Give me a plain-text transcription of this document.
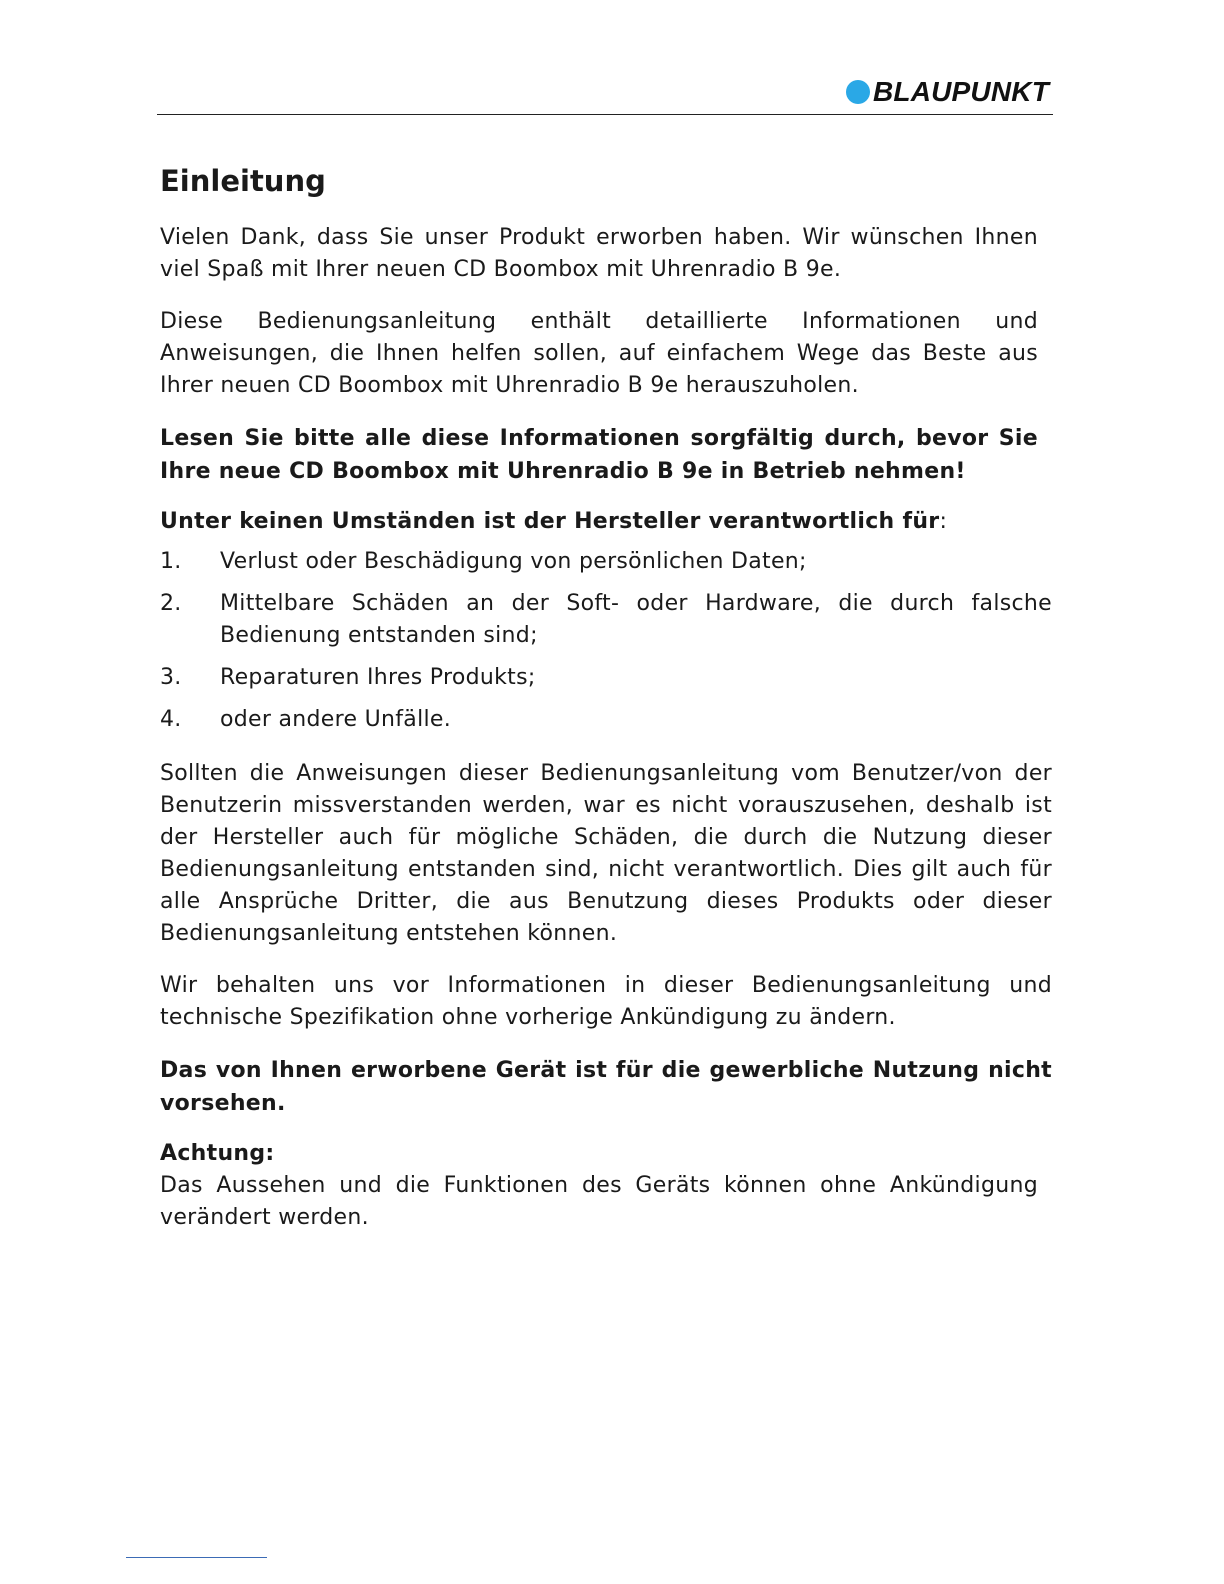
BLAUPUNKT
Einleitung

Vielen Dank, dass Sie unser Produkt erworben haben. Wir wünschen Ihnen viel Spaß mit Ihrer neuen CD Boombox mit Uhrenradio B 9e.

Diese Bedienungsanleitung enthält detaillierte Informationen und Anweisungen, die Ihnen helfen sollen, auf einfachem Wege das Beste aus Ihrer neuen CD Boombox mit Uhrenradio B 9e herauszuholen.

Lesen Sie bitte alle diese Informationen sorgfältig durch, bevor Sie Ihre neue CD Boombox mit Uhrenradio B 9e in Betrieb nehmen!

Unter keinen Umständen ist der Hersteller verantwortlich für:
1.	Verlust oder Beschädigung von persönlichen Daten;
2.	Mittelbare Schäden an der Soft- oder Hardware, die durch falsche Bedienung entstanden sind;
3.	Reparaturen Ihres Produkts;
4.	oder andere Unfälle.

Sollten die Anweisungen dieser Bedienungsanleitung vom Benutzer/von der Benutzerin missverstanden werden, war es nicht vorauszusehen, deshalb ist der Hersteller auch für mögliche Schäden, die durch die Nutzung dieser Bedienungsanleitung entstanden sind, nicht verantwortlich. Dies gilt auch für alle Ansprüche Dritter, die aus Benutzung dieses Produkts oder dieser Bedienungsanleitung entstehen können.

Wir behalten uns vor Informationen in dieser Bedienungsanleitung und technische Spezifikation ohne vorherige Ankündigung zu ändern.

Das von Ihnen erworbene Gerät ist für die gewerbliche Nutzung nicht vorsehen.

Achtung:

Das Aussehen und die Funktionen des Geräts können ohne Ankündigung verändert werden.
